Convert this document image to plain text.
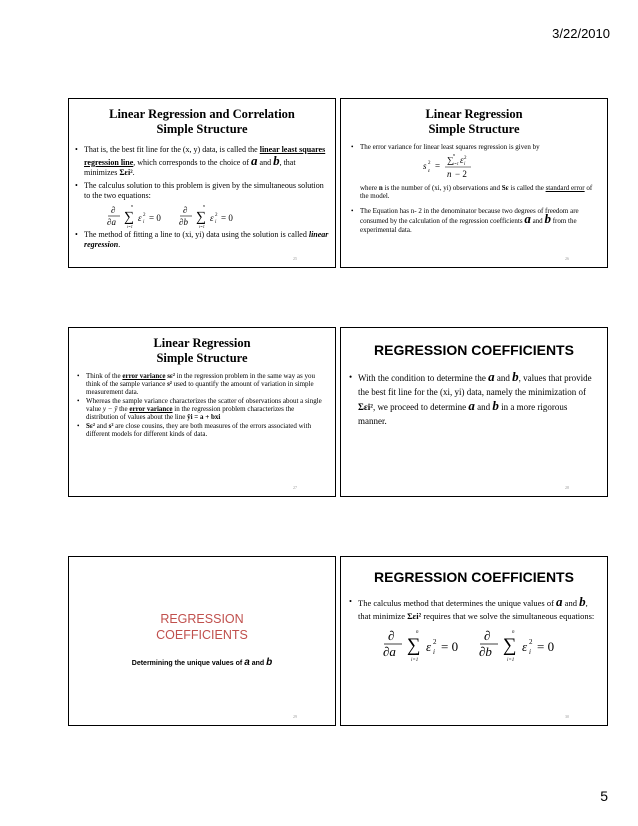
3/22/2010
Linear Regression and Correlation
Simple Structure
• That is, the best fit line for the (x, y) data, is called the linear least squares regression line, which corresponds to the choice of a and b, that minimizes Σεi².
• The calculus solution to this problem is given by the simultaneous solution to the two equations:
∂
∂a
n
∑
i=1
ε 2
i = 0
∂
∂b
n
∑
i=1
ε 2
i = 0
• The method of fitting a line to (xi, yi) data using the solution is called linear regression.
25
Linear Regression
Simple Structure
• The error variance for linear least squares regression is given by
s 2
ε
=
∑
n
i=1 ε 2
i
n − 2
where n is the number of (xi, yi) observations and Sε is called the standard error of the model.
• The Equation has n- 2 in the denominator because two degrees of freedom are consumed by the calculation of the regression coefficients a and b from the experimental data.
26
Linear Regression
Simple Structure
• Think of the error variance sε² in the regression problem in the same way as you think of the sample variance s² used to quantify the amount of variation in simple measurement data.
• Whereas the sample variance characterizes the scatter of observations about a single value y − ȳ the error variance in the regression problem characterizes the distribution of values about the line ŷi = a + bxi
• Sε² and s² are close cousins, they are both measures of the errors associated with different models for different kinds of data.
27
REGRESSION COEFFICIENTS
• With the condition to determine the a and b, values that provide the best fit line for the (xi, yi) data, namely the minimization of Σεi², we proceed to determine a and b in a more rigorous manner.
28
REGRESSION
COEFFICIENTS
Determining the unique values of a and b
29
REGRESSION COEFFICIENTS
• The calculus method that determines the unique values of a and b, that minimize Σεi² requires that we solve the simultaneous equations:
∂
∂a
n
∑
i=1
ε 2
i = 0
∂
∂b
n
∑
i=1
ε 2
i = 0
30
5
